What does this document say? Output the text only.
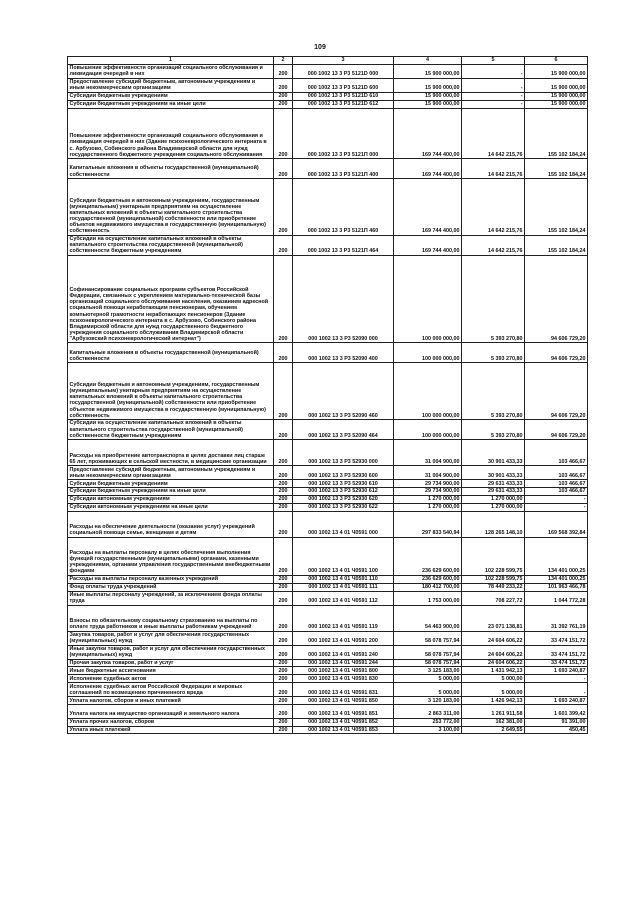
109
1	2	3	4	5	6
Повышение эффективности организаций социального обслуживания и ликвидация очередей в них	200	000 1002 13 3 P3 5121D 000	15 900 000,00	-	15 900 000,00
Предоставление субсидий бюджетным, автономным учреждениям и иным некоммерческим организациям	200	000 1002 13 3 P3 5121D 600	15 900 000,00	-	15 900 000,00
Субсидии бюджетным учреждениям	200	000 1002 13 3 P3 5121D 610	15 900 000,00	-	15 900 000,00
Субсидии бюджетным учреждениям на иные цели	200	000 1002 13 3 P3 5121D 612	15 900 000,00	-	15 900 000,00
Повышение эффективности организаций социального обслуживания и ликвидация очередей в них (Здание психоневрологического интерната в с. Арбузово, Собинского района Владимирской области для нужд государственного бюджетного учреждения социального обслуживания	200	000 1002 13 3 P3 5121П 000	169 744 400,00	14 642 215,76	155 102 184,24
Капитальные вложения в объекты государственной (муниципальной) собственности	200	000 1002 13 3 P3 5121П 400	169 744 400,00	14 642 215,76	155 102 184,24
Субсидии бюджетным и автономным учреждениям, государственным (муниципальным) унитарным предприятиям на осуществление капитальных вложений в объекты капитального строительства государственной (муниципальной) собственности или приобретение объектов недвижимого имущества в государственную (муниципальную) собственность	200	000 1002 13 3 P3 5121П 460	169 744 400,00	14 642 215,76	155 102 184,24
Субсидии на осуществление капитальных вложений в объекты капитального строительства государственной (муниципальной) собственности бюджетным учреждениям	200	000 1002 13 3 P3 5121П 464	169 744 400,00	14 642 215,76	155 102 184,24
Софинансирование социальных программ субъектов Российской Федерации, связанных с укреплением материально-технической базы организаций социального обслуживания населения, оказанием адресной социальной помощи неработающим пенсионерам, обучением компьютерной грамотности неработающих пенсионеров (Здание психоневрологического интерната в с. Арбузово, Собинского района Владимирской области для нужд государственного бюджетного учреждения социального обслуживания Владимирской области "Арбузовский психоневрологический интернат")	200	000 1002 13 3 P3 52090 000	100 000 000,00	5 393 270,80	94 606 729,20
Капитальные вложения в объекты государственной (муниципальной) собственности	200	000 1002 13 3 P3 52090 400	100 000 000,00	5 393 270,80	94 606 729,20
Субсидии бюджетным и автономным учреждениям, государственным (муниципальным) унитарным предприятиям на осуществление капитальных вложений в объекты капитального строительства государственной (муниципальной) собственности или приобретение объектов недвижимого имущества в государственную (муниципальную) собственность	200	000 1002 13 3 P3 52090 460	100 000 000,00	5 393 270,80	94 606 729,20
Субсидии на осуществление капитальных вложений в объекты капитального строительства государственной (муниципальной) собственности бюджетным учреждениям	200	000 1002 13 3 P3 52090 464	100 000 000,00	5 393 270,80	94 606 729,20
Расходы на приобретение автотранспорта в целях доставки лиц старше 65 лет, проживающих в сельской местности, в медицинские организации	200	000 1002 13 3 P3 52930 000	31 004 900,00	30 901 433,33	103 466,67
Предоставление субсидий бюджетным, автономным учреждениям и иным некоммерческим организациям	200	000 1002 13 3 P3 52930 600	31 004 900,00	30 901 433,33	103 466,67
Субсидии бюджетным учреждениям	200	000 1002 13 3 P3 52930 610	29 734 900,00	29 631 433,33	103 466,67
Субсидии бюджетным учреждениям на иные цели	200	000 1002 13 3 P3 52930 612	29 734 900,00	29 631 433,33	103 466,67
Субсидии автономным учреждениям	200	000 1002 13 3 P3 52930 620	1 270 000,00	1 270 000,00	-
Субсидии автономным учреждениям на иные цели	200	000 1002 13 3 P3 52930 622	1 270 000,00	1 270 000,00	-
Расходы на обеспечение деятельности (оказание услуг) учреждений социальной помощи семье, женщинам и детям	200	000 1002 13 4 01 Ч0591 000	297 833 540,94	128 265 148,10	169 568 392,84
Расходы на выплаты персоналу в целях обеспечения выполнения функций государственными (муниципальными) органами, казенными учреждениями, органами управления государственными внебюджетными фондами	200	000 1002 13 4 01 Ч0591 100	236 629 600,00	102 228 599,75	134 401 000,25
Расходы на выплаты персоналу казенных учреждений	200	000 1002 13 4 01 Ч0591 110	236 629 600,00	102 228 599,75	134 401 000,25
Фонд оплаты труда учреждений	200	000 1002 13 4 01 Ч0591 111	180 412 700,00	78 449 233,22	101 963 466,78
Иные выплаты персоналу учреждений, за исключением фонда оплаты труда	200	000 1002 13 4 01 Ч0591 112	1 753 000,00	708 227,72	1 044 772,28
Взносы по обязательному социальному страхованию на выплаты по оплате труда работников и иные выплаты работникам учреждений	200	000 1002 13 4 01 Ч0591 119	54 463 900,00	23 071 138,81	31 392 761,19
Закупка товаров, работ и услуг для обеспечения государственных (муниципальных) нужд	200	000 1002 13 4 01 Ч0591 200	58 078 757,94	24 604 606,22	33 474 151,72
Иные закупки товаров, работ и услуг для обеспечения государственных (муниципальных) нужд	200	000 1002 13 4 01 Ч0591 240	58 078 757,94	24 604 606,22	33 474 151,72
Прочая закупка товаров, работ и услуг	200	000 1002 13 4 01 Ч0591 244	58 078 757,94	24 604 606,22	33 474 151,72
Иные бюджетные ассигнования	200	000 1002 13 4 01 Ч0591 800	3 125 183,00	1 431 942,13	1 693 240,87
Исполнение судебных актов	200	000 1002 13 4 01 Ч0591 830	5 000,00	5 000,00	-
Исполнение судебных актов Российской Федерации и мировых соглашений по возмещению причиненного вреда	200	000 1002 13 4 01 Ч0591 831	5 000,00	5 000,00	-
Уплата налогов, сборов и иных платежей	200	000 1002 13 4 01 Ч0591 850	3 120 183,00	1 426 942,13	1 693 240,87
Уплата налога на имущество организаций и земельного налога	200	000 1002 13 4 01 Ч0591 851	2 863 311,00	1 261 911,58	1 601 399,42
Уплата прочих налогов, сборов	200	000 1002 13 4 01 Ч0591 852	253 772,00	162 381,00	91 391,00
Уплата иных платежей	200	000 1002 13 4 01 Ч0591 853	3 100,00	2 649,55	450,45
